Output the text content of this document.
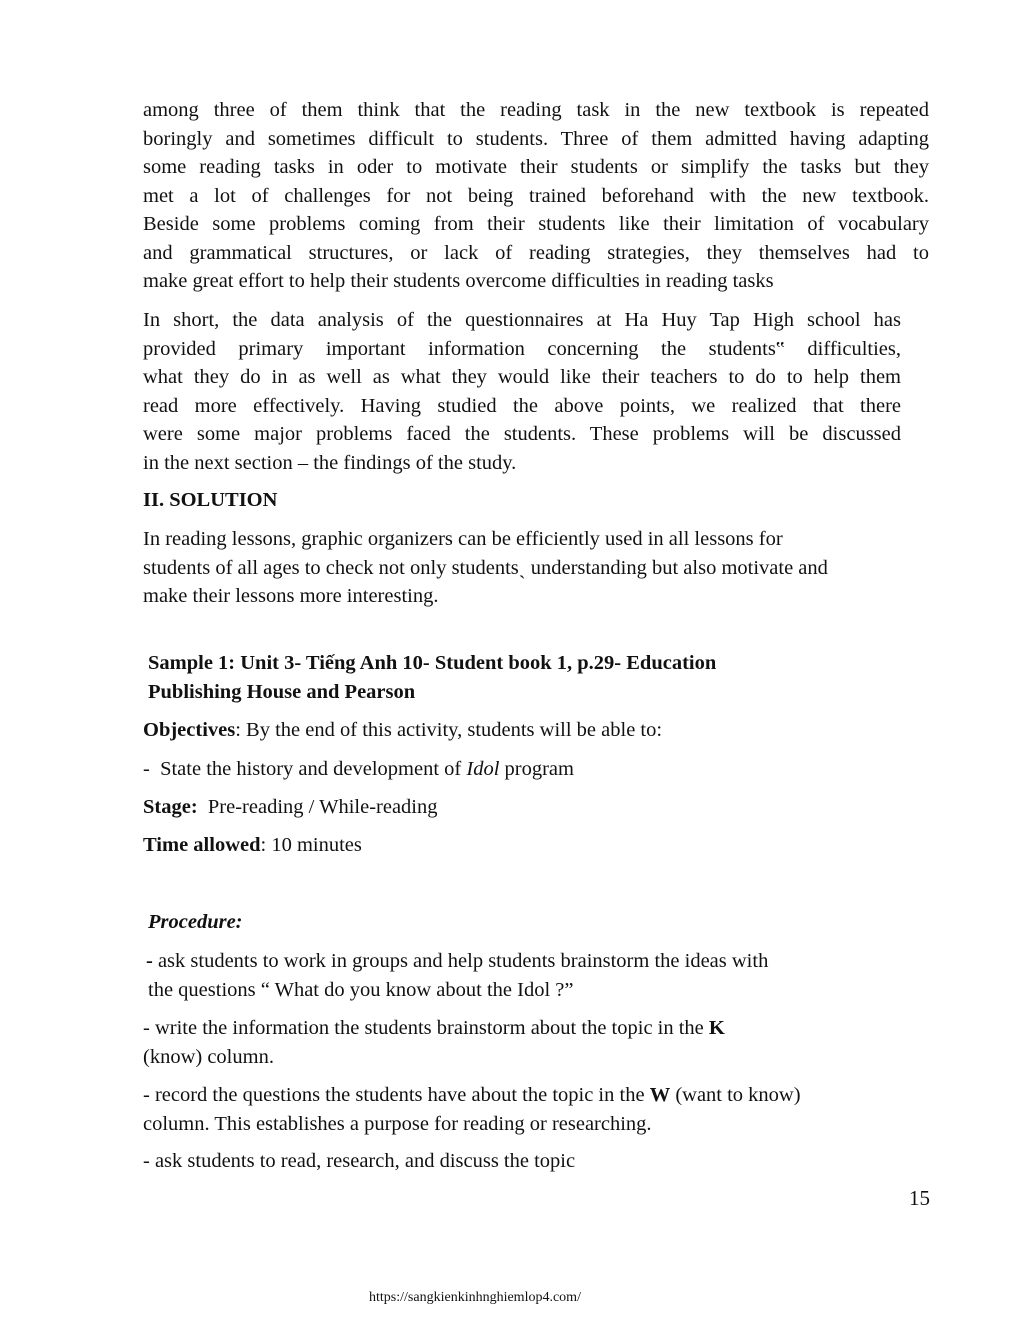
among three of them think that the reading task in the new textbook is repeated
boringly and sometimes difficult to students. Three of them admitted having adapting
some reading tasks in oder to motivate their students or simplify the tasks but they
met a lot of challenges for not being trained beforehand with the new textbook.
Beside some problems coming from their students like their limitation of vocabulary
and grammatical structures, or lack of reading strategies, they themselves had to
make great effort to help their students overcome difficulties in reading tasks
In short, the data analysis of the questionnaires at Ha Huy Tap High school has
provided primary important information concerning the students‟ difficulties,
what they do in as well as what they would like their teachers to do to help them
read more effectively. Having studied the above points, we realized that there
were some major problems faced the students. These problems will be discussed
in the next section – the findings of the study.
II. SOLUTION
In reading lessons, graphic organizers can be efficiently used in all lessons for
students of all ages to check not only studentsˎ understanding but also motivate and
make their lessons more interesting.
Sample 1: Unit 3- Tiếng Anh 10- Student book 1, p.29- Education
Publishing House and Pearson
Objectives: By the end of this activity, students will be able to:
-  State the history and development of Idol program
Stage:  Pre-reading / While-reading
Time allowed: 10 minutes
Procedure:
- ask students to work in groups and help students brainstorm the ideas with
the questions “ What do you know about the Idol ?”
- write the information the students brainstorm about the topic in the K
(know) column.
- record the questions the students have about the topic in the W (want to know)
column. This establishes a purpose for reading or researching.
- ask students to read, research, and discuss the topic
15
https://sangkienkinhnghiemlop4.com/
